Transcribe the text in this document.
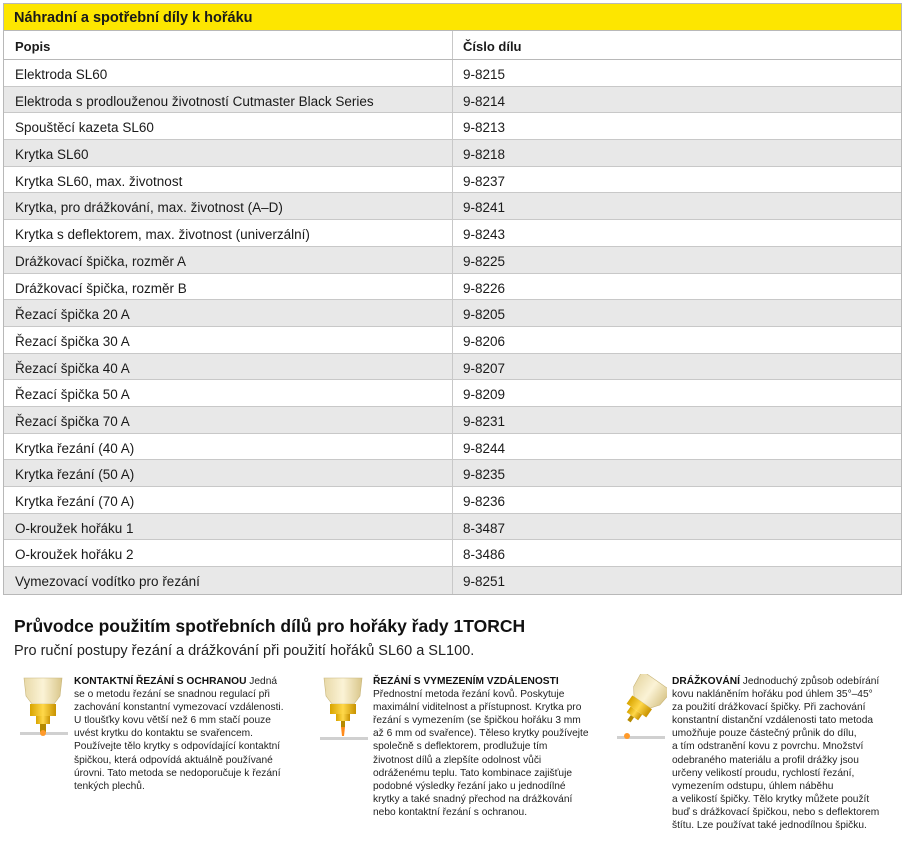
Náhradní a spotřební díly k hořáku
Popis	Číslo dílu
Elektroda SL60	9-8215
Elektroda s prodlouženou životností Cutmaster Black Series	9-8214
Spouštěcí kazeta SL60	9-8213
Krytka SL60	9-8218
Krytka SL60, max. životnost	9-8237
Krytka, pro drážkování, max. životnost (A–D)	9-8241
Krytka s deflektorem, max. životnost (univerzální)	9-8243
Drážkovací špička, rozměr A	9-8225
Drážkovací špička, rozměr B	9-8226
Řezací špička 20 A	9-8205
Řezací špička 30 A	9-8206
Řezací špička 40 A	9-8207
Řezací špička 50 A	9-8209
Řezací špička 70 A	9-8231
Krytka řezání (40 A)	9-8244
Krytka řezání (50 A)	9-8235
Krytka řezání (70 A)	9-8236
O-kroužek hořáku 1	8-3487
O-kroužek hořáku 2	8-3486
Vymezovací vodítko pro řezání	9-8251
Průvodce použitím spotřebních dílů pro hořáky řady 1TORCH
Pro ruční postupy řezání a drážkování při použití hořáků SL60 a SL100.
KONTAKTNÍ ŘEZÁNÍ S OCHRANOU Jedná
se o metodu řezání se snadnou regulací při
zachování konstantní vymezovací vzdálenosti.
U tloušťky kovu větší než 6 mm stačí pouze
uvést krytku do kontaktu se svařencem.
Používejte tělo krytky s odpovídající kontaktní
špičkou, která odpovídá aktuálně používané
úrovni. Tato metoda se nedoporučuje k řezání
tenkých plechů.
ŘEZÁNÍ S VYMEZENÍM VZDÁLENOSTI
Přednostní metoda řezání kovů. Poskytuje
maximální viditelnost a přístupnost. Krytka pro
řezání s vymezením (se špičkou hořáku 3 mm
až 6 mm od svařence). Těleso krytky používejte
společně s deflektorem, prodlužuje tím
životnost dílů a zlepšíte odolnost vůči
odráženému teplu. Tato kombinace zajišťuje
podobné výsledky řezání jako u jednodílné
krytky a také snadný přechod na drážkování
nebo kontaktní řezání s ochranou.
DRÁŽKOVÁNÍ Jednoduchý způsob odebírání
kovu nakláněním hořáku pod úhlem 35°–45°
za použití drážkovací špičky. Při zachování
konstantní distanční vzdálenosti tato metoda
umožňuje pouze částečný průnik do dílu,
a tím odstranění kovu z povrchu. Množství
odebraného materiálu a profil drážky jsou
určeny velikostí proudu, rychlostí řezání,
vymezením odstupu, úhlem náběhu
a velikostí špičky. Tělo krytky můžete použít
buď s drážkovací špičkou, nebo s deflektorem
štítu. Lze používat také jednodílnou špičku.
